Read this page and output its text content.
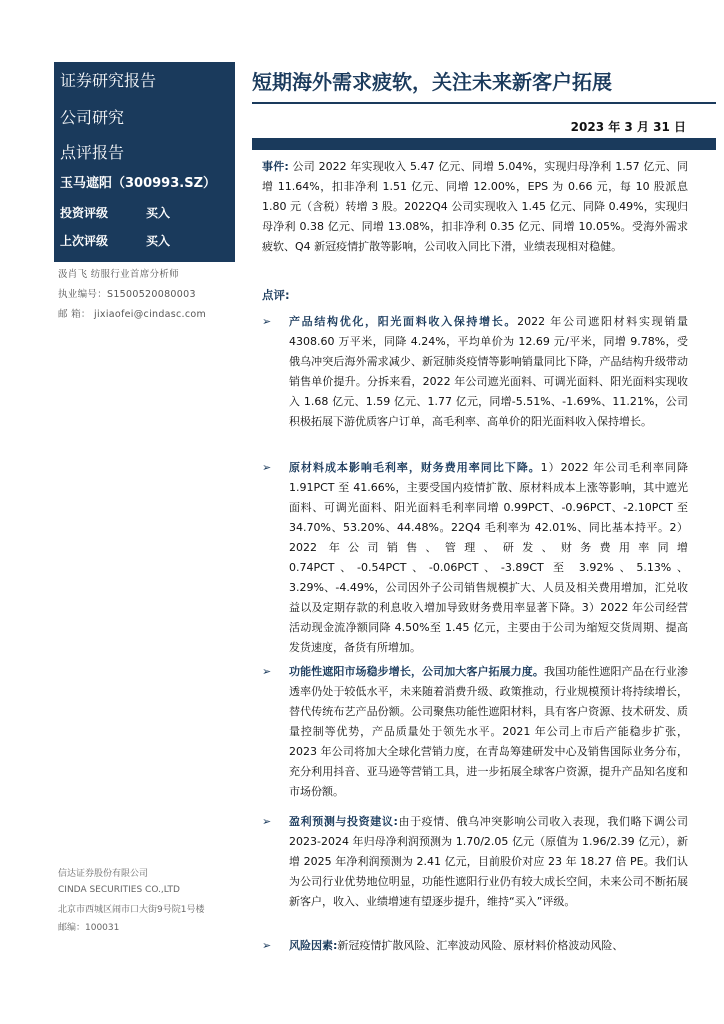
证券研究报告
公司研究
点评报告
玉马遮阳（300993.SZ）
投资评级	买入
上次评级	买入
汲肖飞 纺服行业首席分析师
执业编号：S1500520080003
邮 箱： jixiaofei@cindasc.com
信达证券股份有限公司
CINDA SECURITIES CO.,LTD
北京市西城区闹市口大街9号院1号楼
邮编：100031
短期海外需求疲软，关注未来新客户拓展
2023 年 3 月 31 日
事件: 公司 2022 年实现收入 5.47 亿元、同增 5.04%，实现归母净利 1.57 亿元、同增 11.64%，扣非净利 1.51 亿元、同增 12.00%，EPS 为 0.66 元，每 10 股派息 1.80 元（含税）转增 3 股。2022Q4 公司实现收入 1.45 亿元、同降 0.49%，实现归母净利 0.38 亿元、同增 13.08%，扣非净利 0.35 亿元、同增 10.05%。受海外需求疲软、Q4 新冠疫情扩散等影响，公司收入同比下滑，业绩表现相对稳健。
点评:
➢ 产品结构优化，阳光面料收入保持增长。2022 年公司遮阳材料实现销量 4308.60 万平米，同降 4.24%，平均单价为 12.69 元/平米，同增 9.78%，受俄乌冲突后海外需求减少、新冠肺炎疫情等影响销量同比下降，产品结构升级带动销售单价提升。分拆来看，2022 年公司遮光面料、可调光面料、阳光面料实现收入 1.68 亿元、1.59 亿元、1.77 亿元，同增-5.51%、-1.69%、11.21%，公司积极拓展下游优质客户订单，高毛利率、高单价的阳光面料收入保持增长。
➢ 原材料成本影响毛利率，财务费用率同比下降。1）2022 年公司毛利率同降 1.91PCT 至 41.66%，主要受国内疫情扩散、原材料成本上涨等影响，其中遮光面料、可调光面料、阳光面料毛利率同增 0.99PCT、-0.96PCT、-2.10PCT 至 34.70%、53.20%、44.48%。22Q4 毛利率为 42.01%、同比基本持平。2）2022 年公司销售、管理、研发、财务费用率同增 0.74PCT、-0.54PCT、-0.06PCT、-3.89CT 至 3.92%、5.13%、3.29%、-4.49%，公司因外子公司销售规模扩大、人员及相关费用增加，汇兑收益以及定期存款的利息收入增加导致财务费用率显著下降。3）2022 年公司经营活动现金流净额同降 4.50%至 1.45 亿元，主要由于公司为缩短交货周期、提高发货速度，备货有所增加。
➢ 功能性遮阳市场稳步增长，公司加大客户拓展力度。我国功能性遮阳产品在行业渗透率仍处于较低水平，未来随着消费升级、政策推动，行业规模预计将持续增长，替代传统布艺产品份额。公司聚焦功能性遮阳材料，具有客户资源、技术研发、质量控制等优势，产品质量处于领先水平。2021 年公司上市后产能稳步扩张，2023 年公司将加大全球化营销力度，在青岛筹建研发中心及销售国际业务分布，充分利用抖音、亚马逊等营销工具，进一步拓展全球客户资源，提升产品知名度和市场份额。
➢ 盈利预测与投资建议:由于疫情、俄乌冲突影响公司收入表现，我们略下调公司 2023-2024 年归母净利润预测为 1.70/2.05 亿元（原值为 1.96/2.39 亿元），新增 2025 年净利润预测为 2.41 亿元，目前股价对应 23 年 18.27 倍 PE。我们认为公司行业优势地位明显，功能性遮阳行业仍有较大成长空间，未来公司不断拓展新客户，收入、业绩增速有望逐步提升，维持“买入”评级。
➢ 风险因素:新冠疫情扩散风险、汇率波动风险、原材料价格波动风险、
